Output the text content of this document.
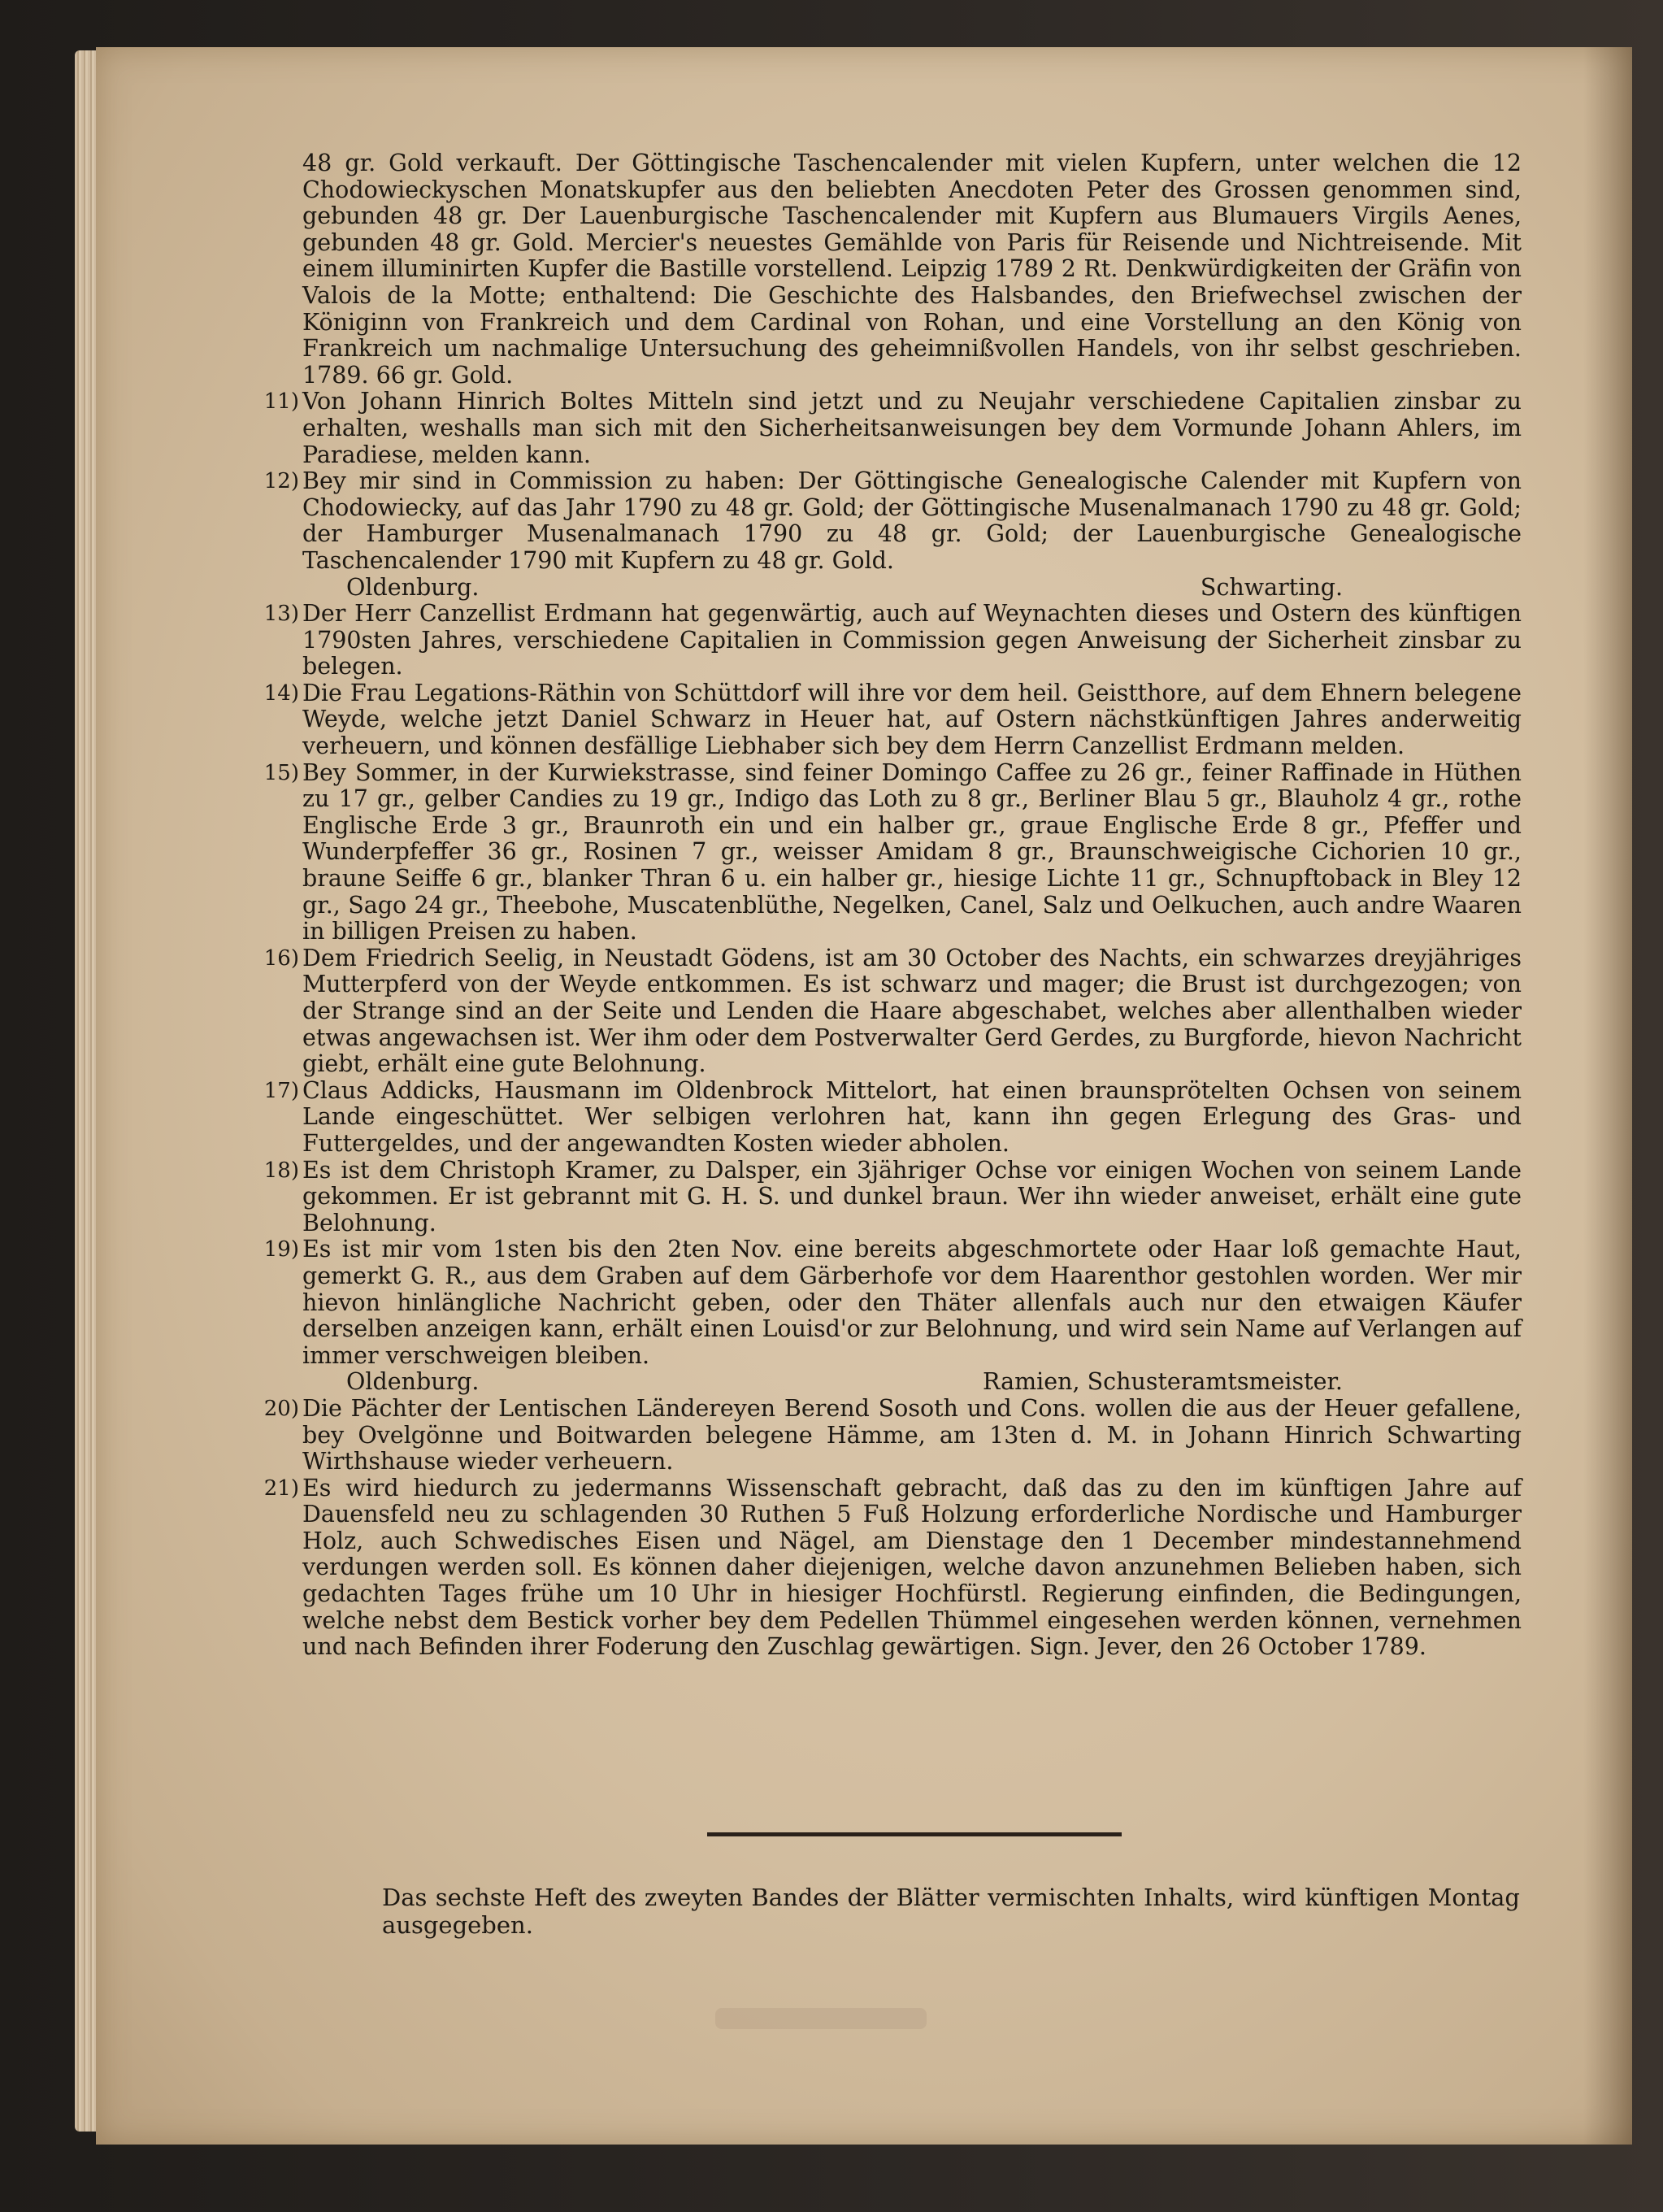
48 gr. Gold verkauft. Der Göttingische Taschencalender mit vielen Kupfern, unter welchen die 12 Chodowieckyschen Monatskupfer aus den beliebten Anecdoten Peter des Grossen genommen sind, gebunden 48 gr. Der Lauenburgische Taschencalender mit Kupfern aus Blumauers Virgils Aenes, gebunden 48 gr. Gold. Mercier's neuestes Gemählde von Paris für Reisende und Nichtreisende. Mit einem illuminirten Kupfer die Bastille vorstellend. Leipzig 1789 2 Rt. Denkwürdigkeiten der Gräfin von Valois de la Motte; enthaltend: Die Geschichte des Halsbandes, den Briefwechsel zwischen der Königinn von Frankreich und dem Cardinal von Rohan, und eine Vorstellung an den König von Frankreich um nachmalige Untersuchung des geheimnißvollen Handels, von ihr selbst geschrieben. 1789. 66 gr. Gold.

11) Von Johann Hinrich Boltes Mitteln sind jetzt und zu Neujahr verschiedene Capitalien zinsbar zu erhalten, weshalls man sich mit den Sicherheitsanweisungen bey dem Vormunde Johann Ahlers, im Paradiese, melden kann.
12) Bey mir sind in Commission zu haben: Der Göttingische Genealogische Calender mit Kupfern von Chodowiecky, auf das Jahr 1790 zu 48 gr. Gold; der Göttingische Musenalmanach 1790 zu 48 gr. Gold; der Hamburger Musenalmanach 1790 zu 48 gr. Gold; der Lauenburgische Genealogische Taschencalender 1790 mit Kupfern zu 48 gr. Gold.
Oldenburg.	Schwarting.
13) Der Herr Canzellist Erdmann hat gegenwärtig, auch auf Weynachten dieses und Ostern des künftigen 1790sten Jahres, verschiedene Capitalien in Commission gegen Anweisung der Sicherheit zinsbar zu belegen.
14) Die Frau Legations-Räthin von Schüttdorf will ihre vor dem heil. Geistthore, auf dem Ehnern belegene Weyde, welche jetzt Daniel Schwarz in Heuer hat, auf Ostern nächstkünftigen Jahres anderweitig verheuern, und können desfällige Liebhaber sich bey dem Herrn Canzellist Erdmann melden.
15) Bey Sommer, in der Kurwiekstrasse, sind feiner Domingo Caffee zu 26 gr., feiner Raffinade in Hüthen zu 17 gr., gelber Candies zu 19 gr., Indigo das Loth zu 8 gr., Berliner Blau 5 gr., Blauholz 4 gr., rothe Englische Erde 3 gr., Braunroth ein und ein halber gr., graue Englische Erde 8 gr., Pfeffer und Wunderpfeffer 36 gr., Rosinen 7 gr., weisser Amidam 8 gr., Braunschweigische Cichorien 10 gr., braune Seiffe 6 gr., blanker Thran 6 u. ein halber gr., hiesige Lichte 11 gr., Schnupftoback in Bley 12 gr., Sago 24 gr., Theebohe, Muscatenblüthe, Negelken, Canel, Salz und Oelkuchen, auch andre Waaren in billigen Preisen zu haben.
16) Dem Friedrich Seelig, in Neustadt Gödens, ist am 30 October des Nachts, ein schwarzes dreyjähriges Mutterpferd von der Weyde entkommen. Es ist schwarz und mager; die Brust ist durchgezogen; von der Strange sind an der Seite und Lenden die Haare abgeschabet, welches aber allenthalben wieder etwas angewachsen ist. Wer ihm oder dem Postverwalter Gerd Gerdes, zu Burgforde, hievon Nachricht giebt, erhält eine gute Belohnung.
17) Claus Addicks, Hausmann im Oldenbrock Mittelort, hat einen braunsprötelten Ochsen von seinem Lande eingeschüttet. Wer selbigen verlohren hat, kann ihn gegen Erlegung des Gras- und Futtergeldes, und der angewandten Kosten wieder abholen.
18) Es ist dem Christoph Kramer, zu Dalsper, ein 3jähriger Ochse vor einigen Wochen von seinem Lande gekommen. Er ist gebrannt mit G. H. S. und dunkel braun. Wer ihn wieder anweiset, erhält eine gute Belohnung.
19) Es ist mir vom 1sten bis den 2ten Nov. eine bereits abgeschmortete oder Haar loß gemachte Haut, gemerkt G. R., aus dem Graben auf dem Gärberhofe vor dem Haarenthor gestohlen worden. Wer mir hievon hinlängliche Nachricht geben, oder den Thäter allenfals auch nur den etwaigen Käufer derselben anzeigen kann, erhält einen Louisd'or zur Belohnung, und wird sein Name auf Verlangen auf immer verschweigen bleiben.
Oldenburg.	Ramien, Schusteramtsmeister.
20) Die Pächter der Lentischen Ländereyen Berend Sosoth und Cons. wollen die aus der Heuer gefallene, bey Ovelgönne und Boitwarden belegene Hämme, am 13ten d. M. in Johann Hinrich Schwarting Wirthshause wieder verheuern.
21) Es wird hiedurch zu jedermanns Wissenschaft gebracht, daß das zu den im künftigen Jahre auf Dauensfeld neu zu schlagenden 30 Ruthen 5 Fuß Holzung erforderliche Nordische und Hamburger Holz, auch Schwedisches Eisen und Nägel, am Dienstage den 1 December mindestannehmend verdungen werden soll. Es können daher diejenigen, welche davon anzunehmen Belieben haben, sich gedachten Tages frühe um 10 Uhr in hiesiger Hochfürstl. Regierung einfinden, die Bedingungen, welche nebst dem Bestick vorher bey dem Pedellen Thümmel eingesehen werden können, vernehmen und nach Befinden ihrer Foderung den Zuschlag gewärtigen. Sign. Jever, den 26 October 1789.

Das sechste Heft des zweyten Bandes der Blätter vermischten Inhalts, wird künftigen Montag ausgegeben.
